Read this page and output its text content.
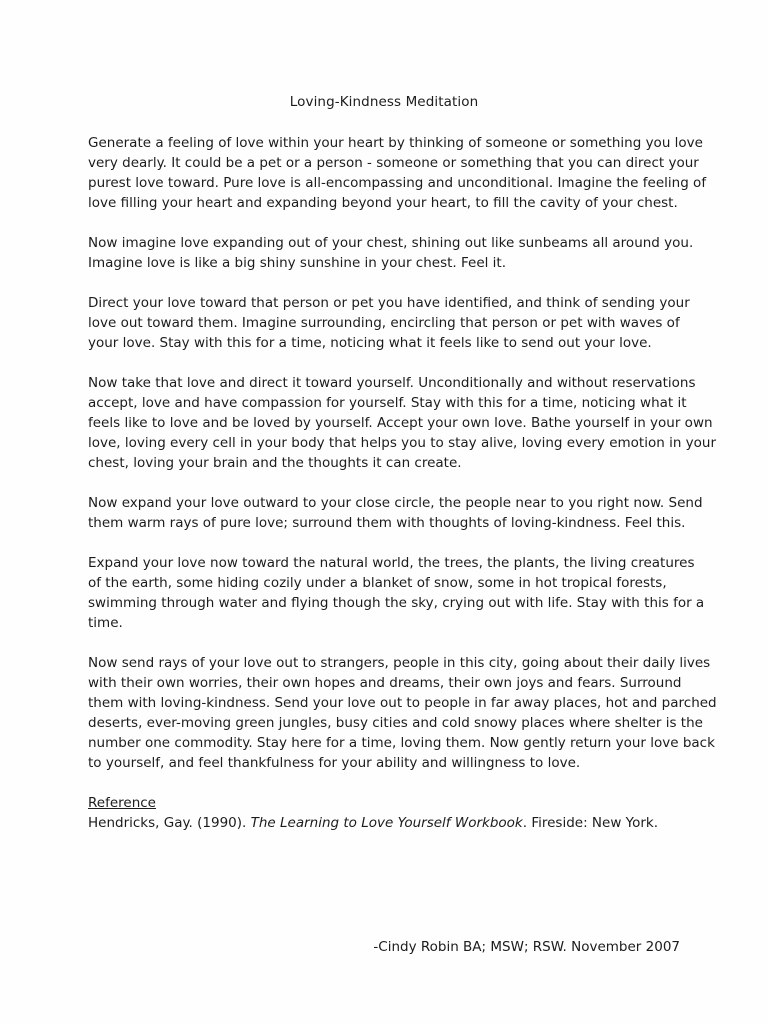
Loving-Kindness Meditation

Generate a feeling of love within your heart by thinking of someone or something you love
very dearly. It could be a pet or a person - someone or something that you can direct your
purest love toward. Pure love is all-encompassing and unconditional. Imagine the feeling of
love filling your heart and expanding beyond your heart, to fill the cavity of your chest.

Now imagine love expanding out of your chest, shining out like sunbeams all around you.
Imagine love is like a big shiny sunshine in your chest. Feel it.

Direct your love toward that person or pet you have identified, and think of sending your
love out toward them. Imagine surrounding, encircling that person or pet with waves of
your love. Stay with this for a time, noticing what it feels like to send out your love.

Now take that love and direct it toward yourself. Unconditionally and without reservations
accept, love and have compassion for yourself. Stay with this for a time, noticing what it
feels like to love and be loved by yourself. Accept your own love. Bathe yourself in your own
love, loving every cell in your body that helps you to stay alive, loving every emotion in your
chest, loving your brain and the thoughts it can create.

Now expand your love outward to your close circle, the people near to you right now. Send
them warm rays of pure love; surround them with thoughts of loving-kindness. Feel this.

Expand your love now toward the natural world, the trees, the plants, the living creatures
of the earth, some hiding cozily under a blanket of snow, some in hot tropical forests,
swimming through water and flying though the sky, crying out with life. Stay with this for a
time.

Now send rays of your love out to strangers, people in this city, going about their daily lives
with their own worries, their own hopes and dreams, their own joys and fears. Surround
them with loving-kindness. Send your love out to people in far away places, hot and parched
deserts, ever-moving green jungles, busy cities and cold snowy places where shelter is the
number one commodity. Stay here for a time, loving them. Now gently return your love back
to yourself, and feel thankfulness for your ability and willingness to love.

Reference
Hendricks, Gay. (1990). The Learning to Love Yourself Workbook. Fireside: New York.
-Cindy Robin BA; MSW; RSW. November 2007
